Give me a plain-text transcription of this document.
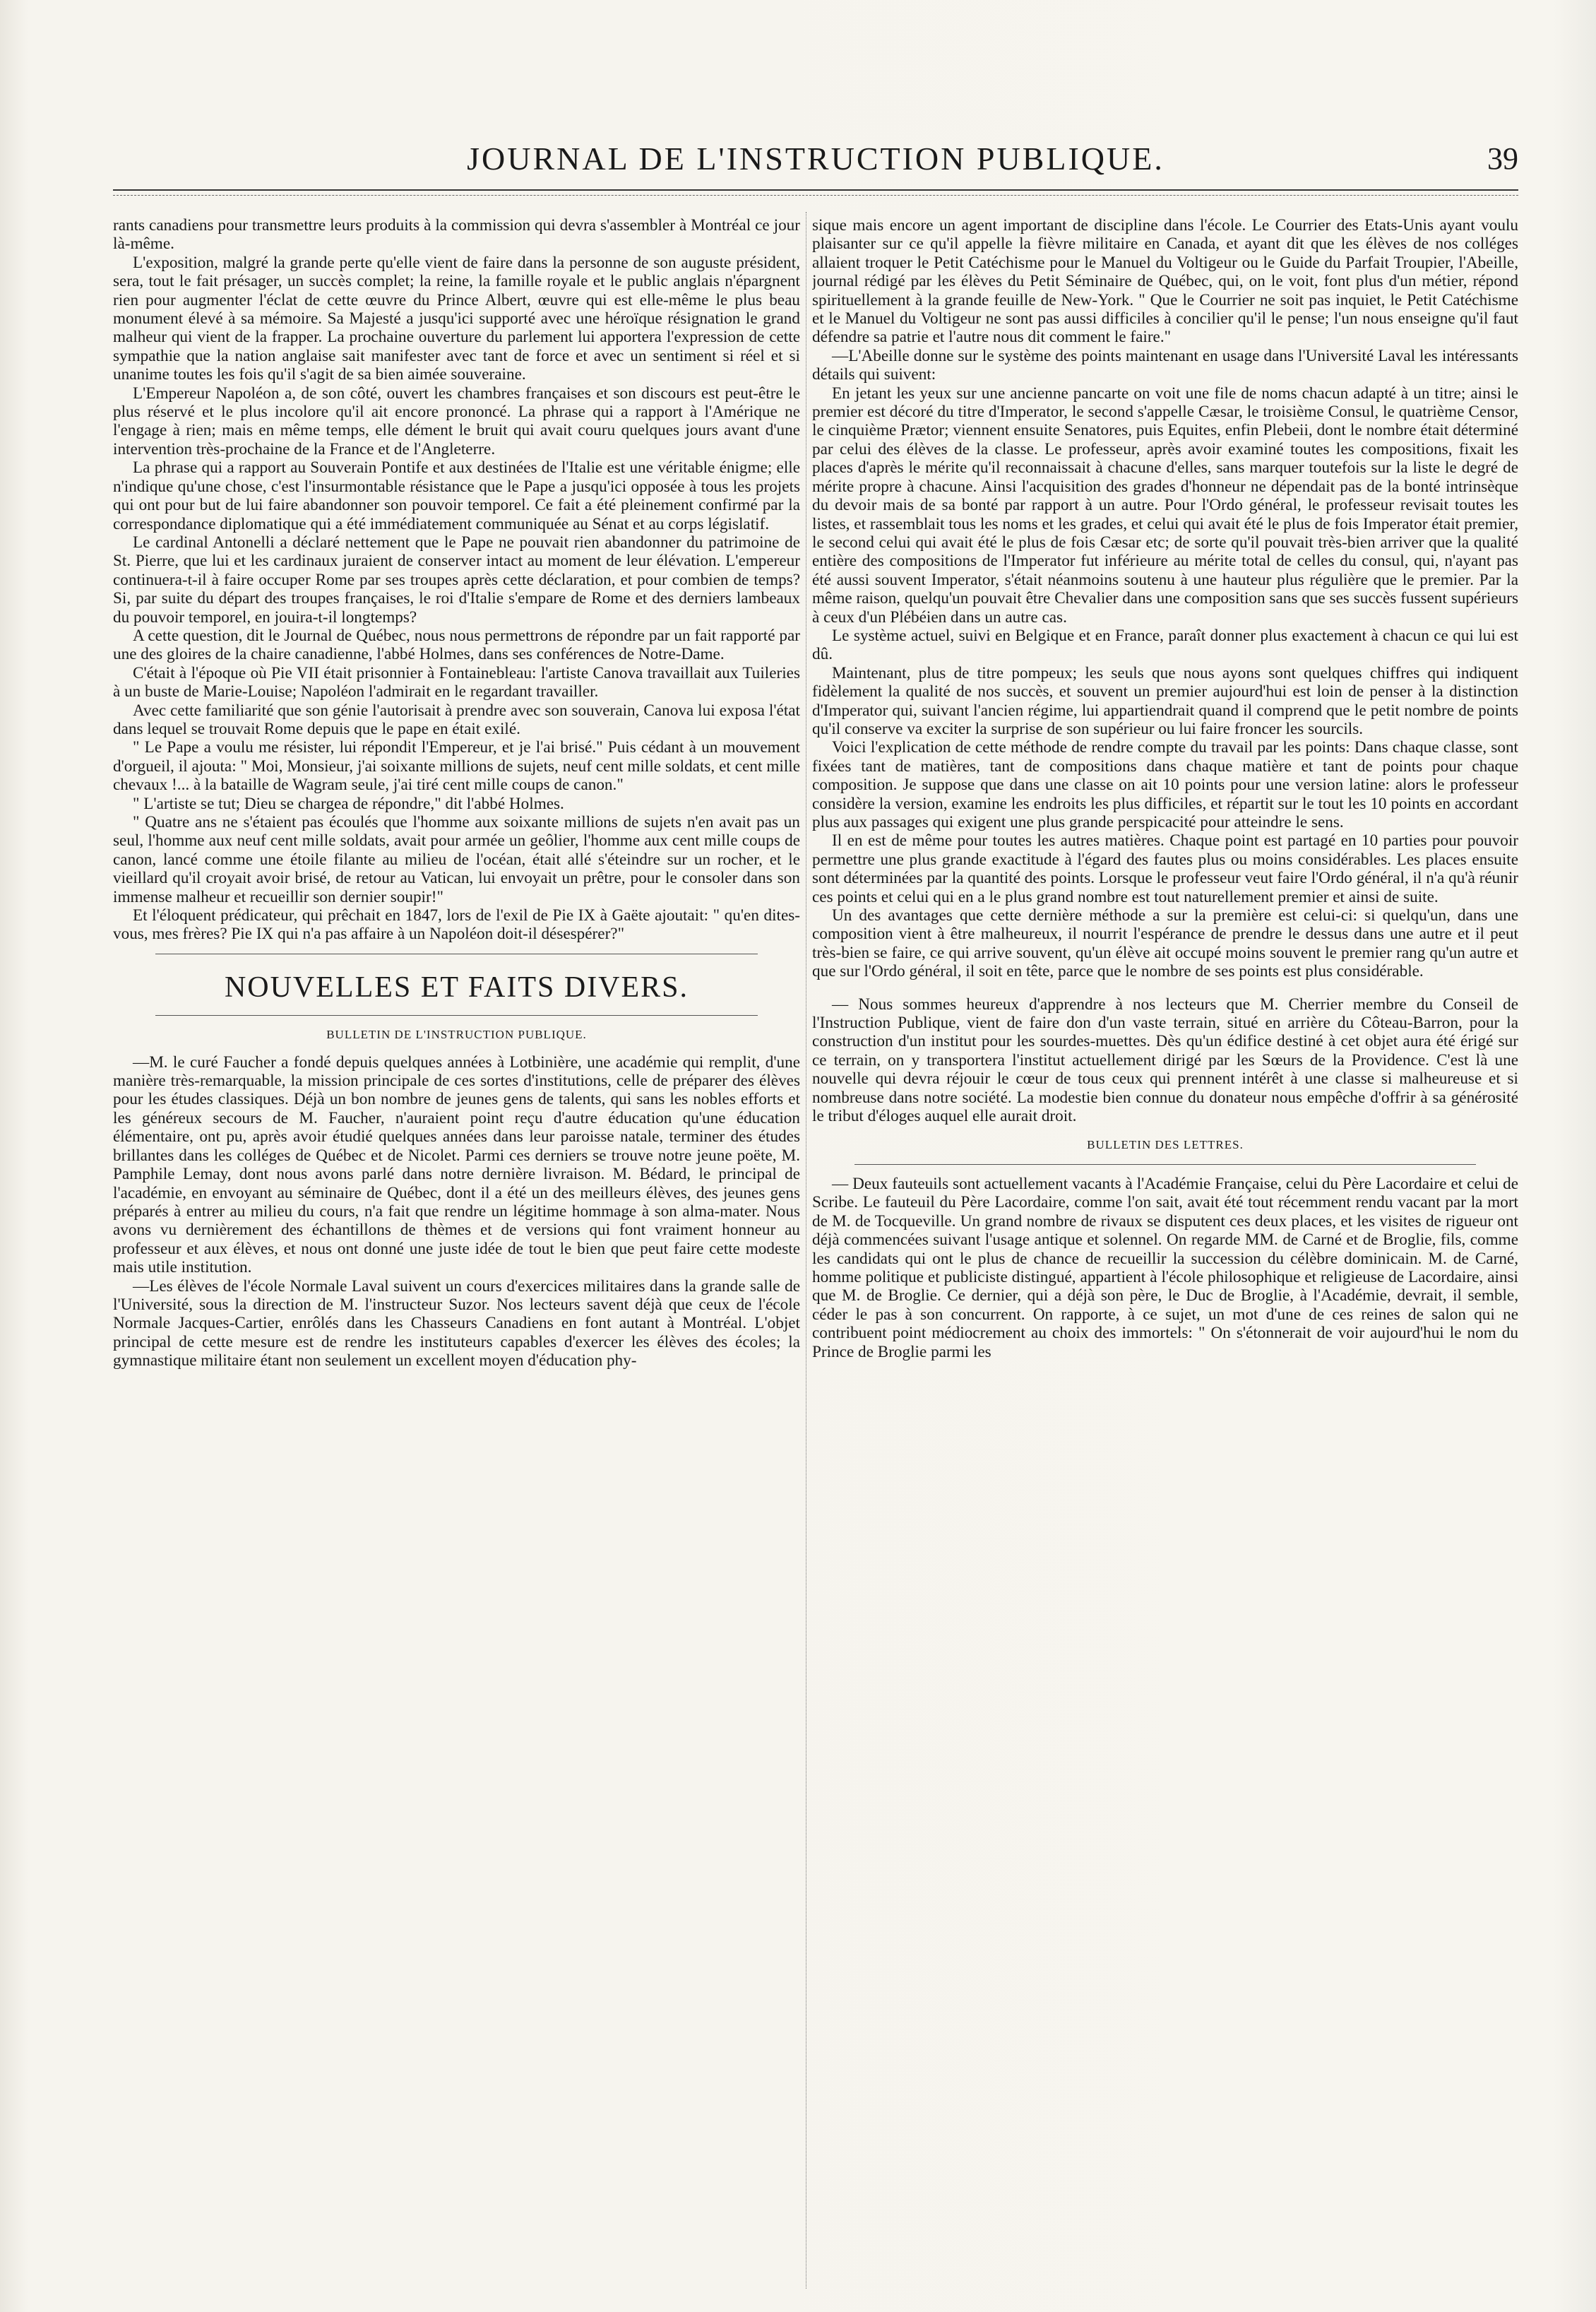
JOURNAL DE L'INSTRUCTION PUBLIQUE.	39

rants canadiens pour transmettre leurs produits à la commission qui devra s'assembler à Montréal ce jour là-même.

L'exposition, malgré la grande perte qu'elle vient de faire dans la personne de son auguste président, sera, tout le fait présager, un succès complet; la reine, la famille royale et le public anglais n'épargnent rien pour augmenter l'éclat de cette œuvre du Prince Albert, œuvre qui est elle-même le plus beau monument élevé à sa mémoire. Sa Majesté a jusqu'ici supporté avec une héroïque résignation le grand malheur qui vient de la frapper. La prochaine ouverture du parlement lui apportera l'expression de cette sympathie que la nation anglaise sait manifester avec tant de force et avec un sentiment si réel et si unanime toutes les fois qu'il s'agit de sa bien aimée souveraine.

L'Empereur Napoléon a, de son côté, ouvert les chambres françaises et son discours est peut-être le plus réservé et le plus incolore qu'il ait encore prononcé. La phrase qui a rapport à l'Amérique ne l'engage à rien; mais en même temps, elle dément le bruit qui avait couru quelques jours avant d'une intervention très-prochaine de la France et de l'Angleterre.

La phrase qui a rapport au Souverain Pontife et aux destinées de l'Italie est une véritable énigme; elle n'indique qu'une chose, c'est l'insurmontable résistance que le Pape a jusqu'ici opposée à tous les projets qui ont pour but de lui faire abandonner son pouvoir temporel. Ce fait a été pleinement confirmé par la correspondance diplomatique qui a été immédiatement communiquée au Sénat et au corps législatif.

Le cardinal Antonelli a déclaré nettement que le Pape ne pouvait rien abandonner du patrimoine de St. Pierre, que lui et les cardinaux juraient de conserver intact au moment de leur élévation. L'empereur continuera-t-il à faire occuper Rome par ses troupes après cette déclaration, et pour combien de temps? Si, par suite du départ des troupes françaises, le roi d'Italie s'empare de Rome et des derniers lambeaux du pouvoir temporel, en jouira-t-il longtemps?

A cette question, dit le Journal de Québec, nous nous permettrons de répondre par un fait rapporté par une des gloires de la chaire canadienne, l'abbé Holmes, dans ses conférences de Notre-Dame.

C'était à l'époque où Pie VII était prisonnier à Fontainebleau: l'artiste Canova travaillait aux Tuileries à un buste de Marie-Louise; Napoléon l'admirait en le regardant travailler.

Avec cette familiarité que son génie l'autorisait à prendre avec son souverain, Canova lui exposa l'état dans lequel se trouvait Rome depuis que le pape en était exilé.

" Le Pape a voulu me résister, lui répondit l'Empereur, et je l'ai brisé." Puis cédant à un mouvement d'orgueil, il ajouta: " Moi, Monsieur, j'ai soixante millions de sujets, neuf cent mille soldats, et cent mille chevaux !... à la bataille de Wagram seule, j'ai tiré cent mille coups de canon."

" L'artiste se tut; Dieu se chargea de répondre," dit l'abbé Holmes.

" Quatre ans ne s'étaient pas écoulés que l'homme aux soixante millions de sujets n'en avait pas un seul, l'homme aux neuf cent mille soldats, avait pour armée un geôlier, l'homme aux cent mille coups de canon, lancé comme une étoile filante au milieu de l'océan, était allé s'éteindre sur un rocher, et le vieillard qu'il croyait avoir brisé, de retour au Vatican, lui envoyait un prêtre, pour le consoler dans son immense malheur et recueillir son dernier soupir!"

Et l'éloquent prédicateur, qui prêchait en 1847, lors de l'exil de Pie IX à Gaëte ajoutait: " qu'en dites-vous, mes frères? Pie IX qui n'a pas affaire à un Napoléon doit-il désespérer?"

NOUVELLES ET FAITS DIVERS.
BULLETIN DE L'INSTRUCTION PUBLIQUE.

—M. le curé Faucher a fondé depuis quelques années à Lotbinière, une académie qui remplit, d'une manière très-remarquable, la mission principale de ces sortes d'institutions, celle de préparer des élèves pour les études classiques. Déjà un bon nombre de jeunes gens de talents, qui sans les nobles efforts et les généreux secours de M. Faucher, n'auraient point reçu d'autre éducation qu'une éducation élémentaire, ont pu, après avoir étudié quelques années dans leur paroisse natale, terminer des études brillantes dans les colléges de Québec et de Nicolet. Parmi ces derniers se trouve notre jeune poëte, M. Pamphile Lemay, dont nous avons parlé dans notre dernière livraison. M. Bédard, le principal de l'académie, en envoyant au séminaire de Québec, dont il a été un des meilleurs élèves, des jeunes gens préparés à entrer au milieu du cours, n'a fait que rendre un légitime hommage à son alma-mater. Nous avons vu dernièrement des échantillons de thèmes et de versions qui font vraiment honneur au professeur et aux élèves, et nous ont donné une juste idée de tout le bien que peut faire cette modeste mais utile institution.

—Les élèves de l'école Normale Laval suivent un cours d'exercices militaires dans la grande salle de l'Université, sous la direction de M. l'instructeur Suzor. Nos lecteurs savent déjà que ceux de l'école Normale Jacques-Cartier, enrôlés dans les Chasseurs Canadiens en font autant à Montréal. L'objet principal de cette mesure est de rendre les instituteurs capables d'exercer les élèves des écoles; la gymnastique militaire étant non seulement un excellent moyen d'éducation phy-

sique mais encore un agent important de discipline dans l'école. Le Courrier des Etats-Unis ayant voulu plaisanter sur ce qu'il appelle la fièvre militaire en Canada, et ayant dit que les élèves de nos colléges allaient troquer le Petit Catéchisme pour le Manuel du Voltigeur ou le Guide du Parfait Troupier, l'Abeille, journal rédigé par les élèves du Petit Séminaire de Québec, qui, on le voit, font plus d'un métier, répond spirituellement à la grande feuille de New-York. " Que le Courrier ne soit pas inquiet, le Petit Catéchisme et le Manuel du Voltigeur ne sont pas aussi difficiles à concilier qu'il le pense; l'un nous enseigne qu'il faut défendre sa patrie et l'autre nous dit comment le faire."

—L'Abeille donne sur le système des points maintenant en usage dans l'Université Laval les intéressants détails qui suivent:

En jetant les yeux sur une ancienne pancarte on voit une file de noms chacun adapté à un titre; ainsi le premier est décoré du titre d'Imperator, le second s'appelle Cæsar, le troisième Consul, le quatrième Censor, le cinquième Prætor; viennent ensuite Senatores, puis Equites, enfin Plebeii, dont le nombre était déterminé par celui des élèves de la classe. Le professeur, après avoir examiné toutes les compositions, fixait les places d'après le mérite qu'il reconnaissait à chacune d'elles, sans marquer toutefois sur la liste le degré de mérite propre à chacune. Ainsi l'acquisition des grades d'honneur ne dépendait pas de la bonté intrinsèque du devoir mais de sa bonté par rapport à un autre. Pour l'Ordo général, le professeur revisait toutes les listes, et rassemblait tous les noms et les grades, et celui qui avait été le plus de fois Imperator était premier, le second celui qui avait été le plus de fois Cæsar etc; de sorte qu'il pouvait très-bien arriver que la qualité entière des compositions de l'Imperator fut inférieure au mérite total de celles du consul, qui, n'ayant pas été aussi souvent Imperator, s'était néanmoins soutenu à une hauteur plus régulière que le premier. Par la même raison, quelqu'un pouvait être Chevalier dans une composition sans que ses succès fussent supérieurs à ceux d'un Plébéien dans un autre cas.

Le système actuel, suivi en Belgique et en France, paraît donner plus exactement à chacun ce qui lui est dû.

Maintenant, plus de titre pompeux; les seuls que nous ayons sont quelques chiffres qui indiquent fidèlement la qualité de nos succès, et souvent un premier aujourd'hui est loin de penser à la distinction d'Imperator qui, suivant l'ancien régime, lui appartiendrait quand il comprend que le petit nombre de points qu'il conserve va exciter la surprise de son supérieur ou lui faire froncer les sourcils.

Voici l'explication de cette méthode de rendre compte du travail par les points: Dans chaque classe, sont fixées tant de matières, tant de compositions dans chaque matière et tant de points pour chaque composition. Je suppose que dans une classe on ait 10 points pour une version latine: alors le professeur considère la version, examine les endroits les plus difficiles, et répartit sur le tout les 10 points en accordant plus aux passages qui exigent une plus grande perspicacité pour atteindre le sens.

Il en est de même pour toutes les autres matières. Chaque point est partagé en 10 parties pour pouvoir permettre une plus grande exactitude à l'égard des fautes plus ou moins considérables. Les places ensuite sont déterminées par la quantité des points. Lorsque le professeur veut faire l'Ordo général, il n'a qu'à réunir ces points et celui qui en a le plus grand nombre est tout naturellement premier et ainsi de suite.

Un des avantages que cette dernière méthode a sur la première est celui-ci: si quelqu'un, dans une composition vient à être malheureux, il nourrit l'espérance de prendre le dessus dans une autre et il peut très-bien se faire, ce qui arrive souvent, qu'un élève ait occupé moins souvent le premier rang qu'un autre et que sur l'Ordo général, il soit en tête, parce que le nombre de ses points est plus considérable.

— Nous sommes heureux d'apprendre à nos lecteurs que M. Cherrier membre du Conseil de l'Instruction Publique, vient de faire don d'un vaste terrain, situé en arrière du Côteau-Barron, pour la construction d'un institut pour les sourdes-muettes. Dès qu'un édifice destiné à cet objet aura été érigé sur ce terrain, on y transportera l'institut actuellement dirigé par les Sœurs de la Providence. C'est là une nouvelle qui devra réjouir le cœur de tous ceux qui prennent intérêt à une classe si malheureuse et si nombreuse dans notre société. La modestie bien connue du donateur nous empêche d'offrir à sa générosité le tribut d'éloges auquel elle aurait droit.

BULLETIN DES LETTRES.

— Deux fauteuils sont actuellement vacants à l'Académie Française, celui du Père Lacordaire et celui de Scribe. Le fauteuil du Père Lacordaire, comme l'on sait, avait été tout récemment rendu vacant par la mort de M. de Tocqueville. Un grand nombre de rivaux se disputent ces deux places, et les visites de rigueur ont déjà commencées suivant l'usage antique et solennel. On regarde MM. de Carné et de Broglie, fils, comme les candidats qui ont le plus de chance de recueillir la succession du célèbre dominicain. M. de Carné, homme politique et publiciste distingué, appartient à l'école philosophique et religieuse de Lacordaire, ainsi que M. de Broglie. Ce dernier, qui a déjà son père, le Duc de Broglie, à l'Académie, devrait, il semble, céder le pas à son concurrent. On rapporte, à ce sujet, un mot d'une de ces reines de salon qui ne contribuent point médiocrement au choix des immortels: " On s'étonnerait de voir aujourd'hui le nom du Prince de Broglie parmi les
